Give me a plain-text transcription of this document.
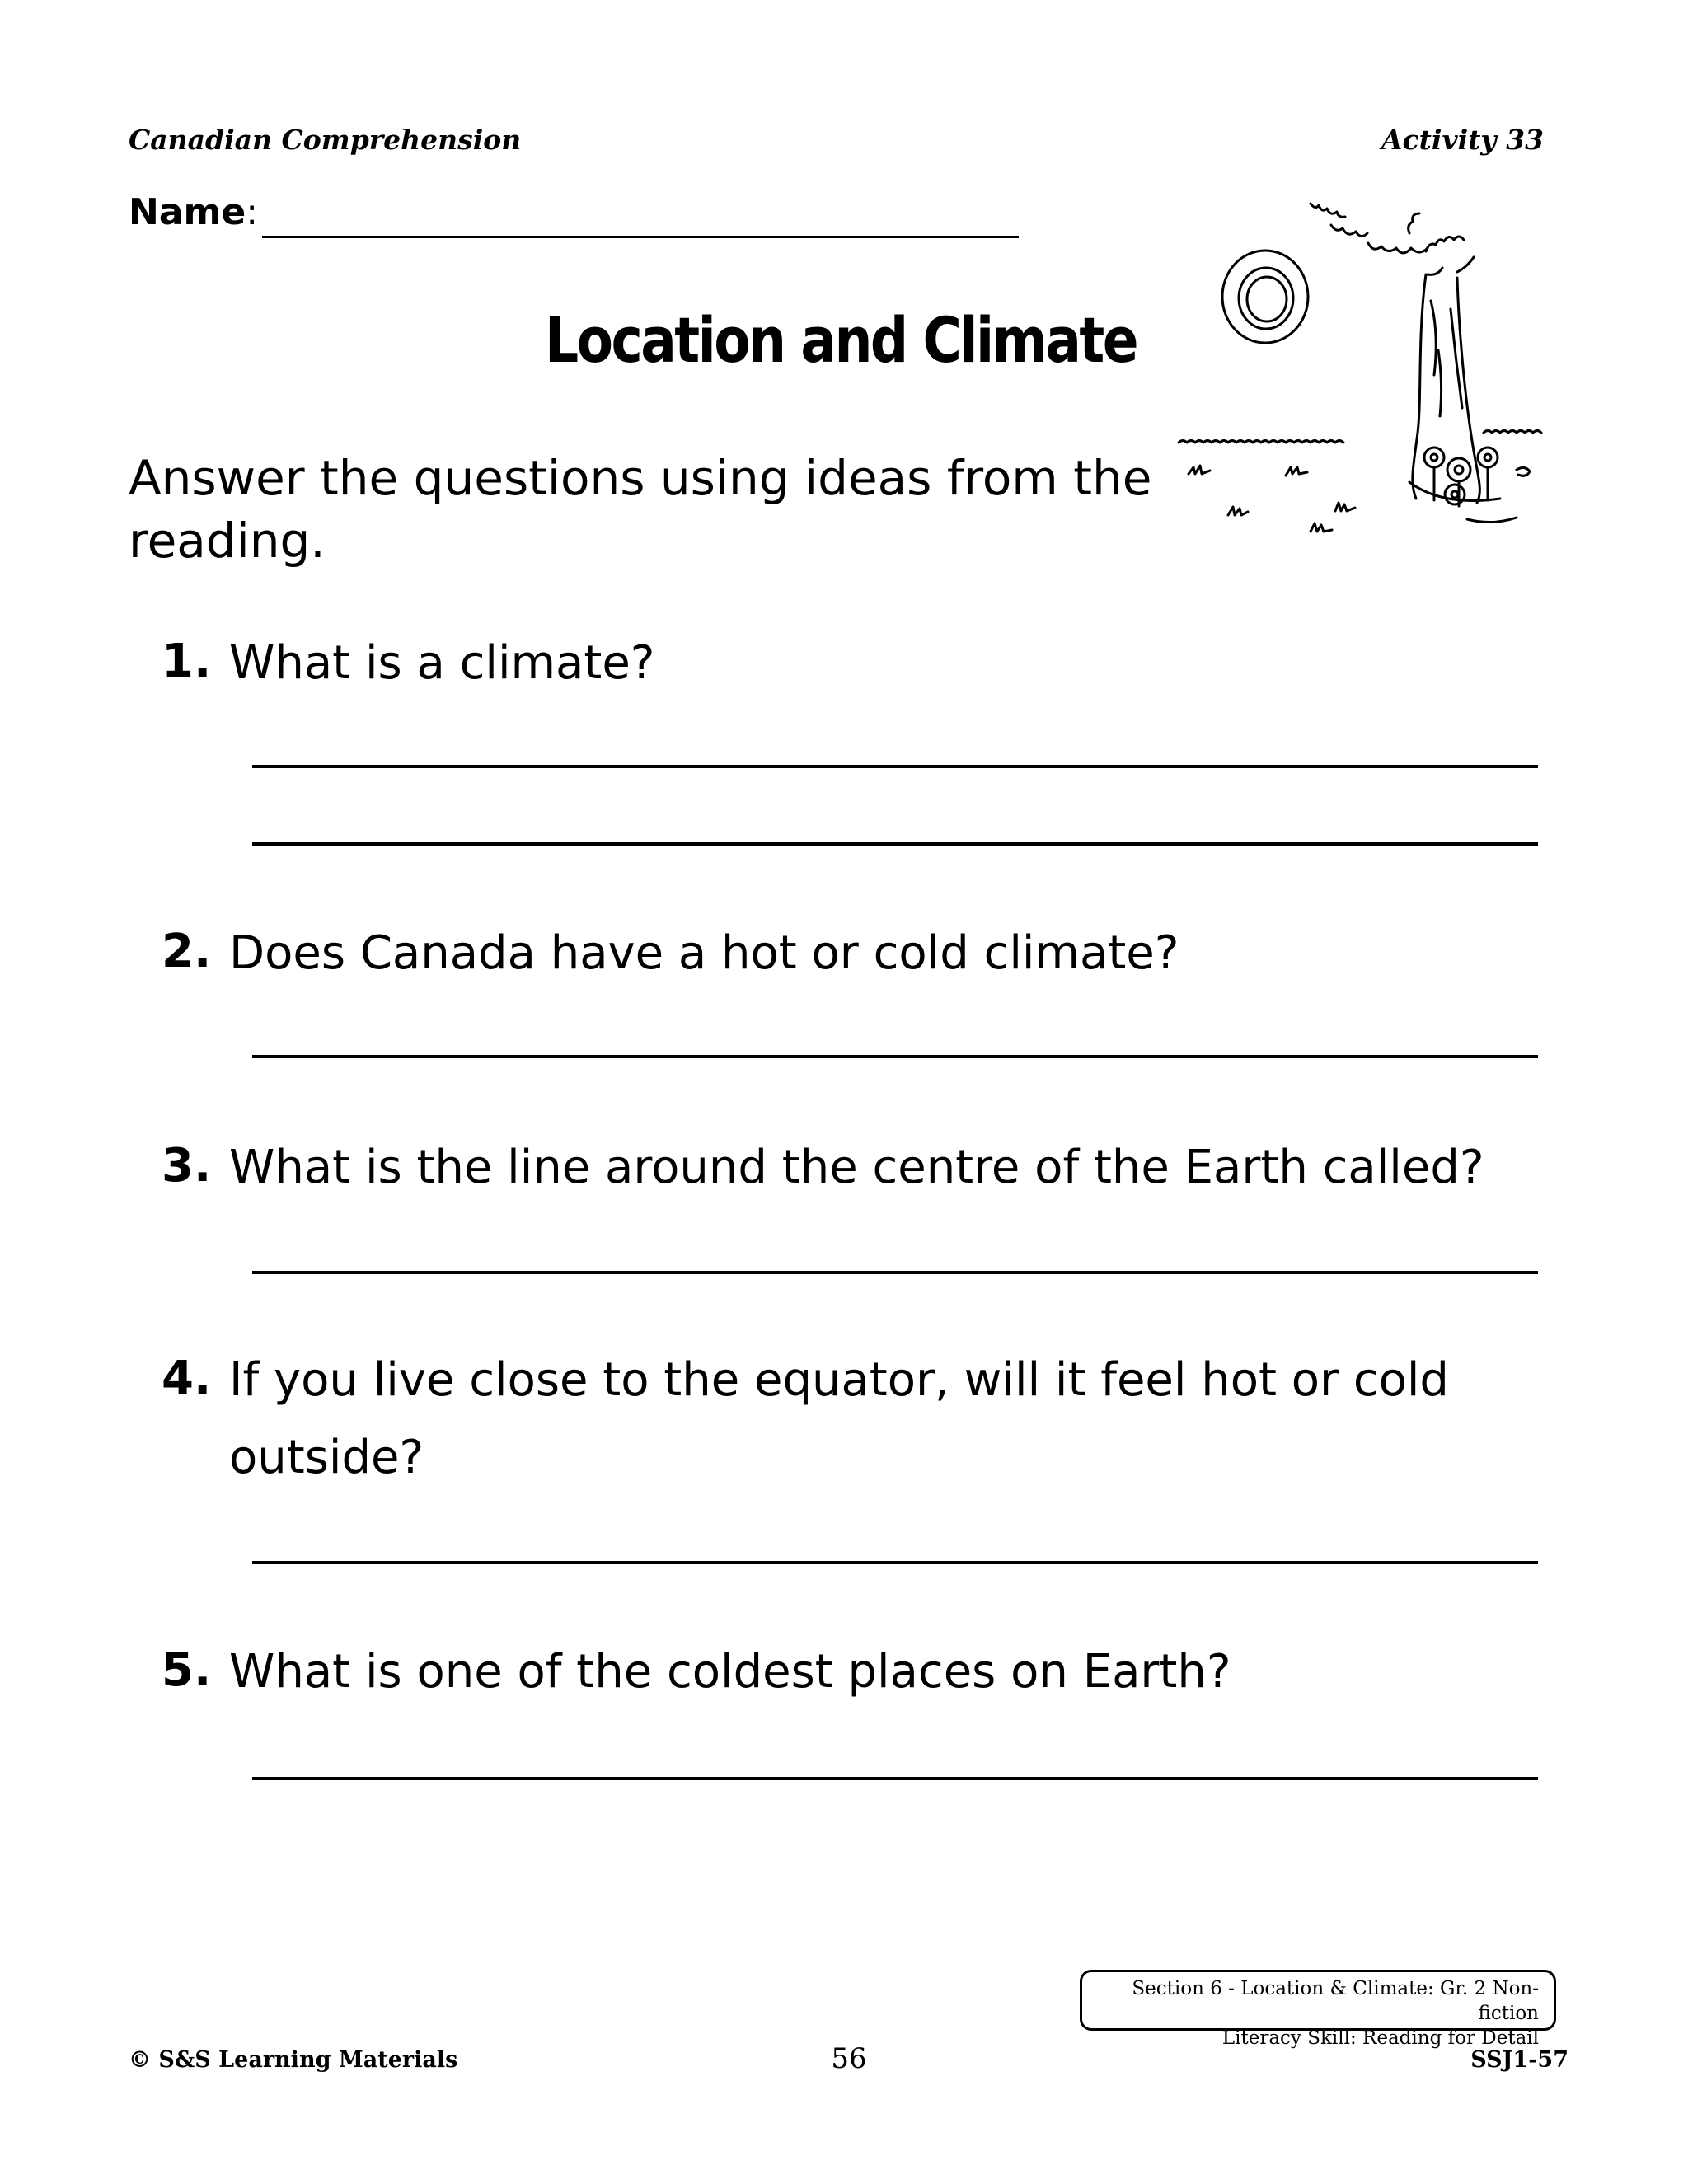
Canadian Comprehension	Activity 33
Name:
Location and Climate
Answer the questions using ideas from the reading.
1. What is a climate?
2. Does Canada have a hot or cold climate?
3. What is the line around the centre of the Earth called?
4. If you live close to the equator, will it feel hot or cold outside?
5. What is one of the coldest places on Earth?
Section 6 - Location & Climate: Gr. 2 Non-fiction
Literacy Skill: Reading for Detail
© S&S Learning Materials	56	SSJ1-57
